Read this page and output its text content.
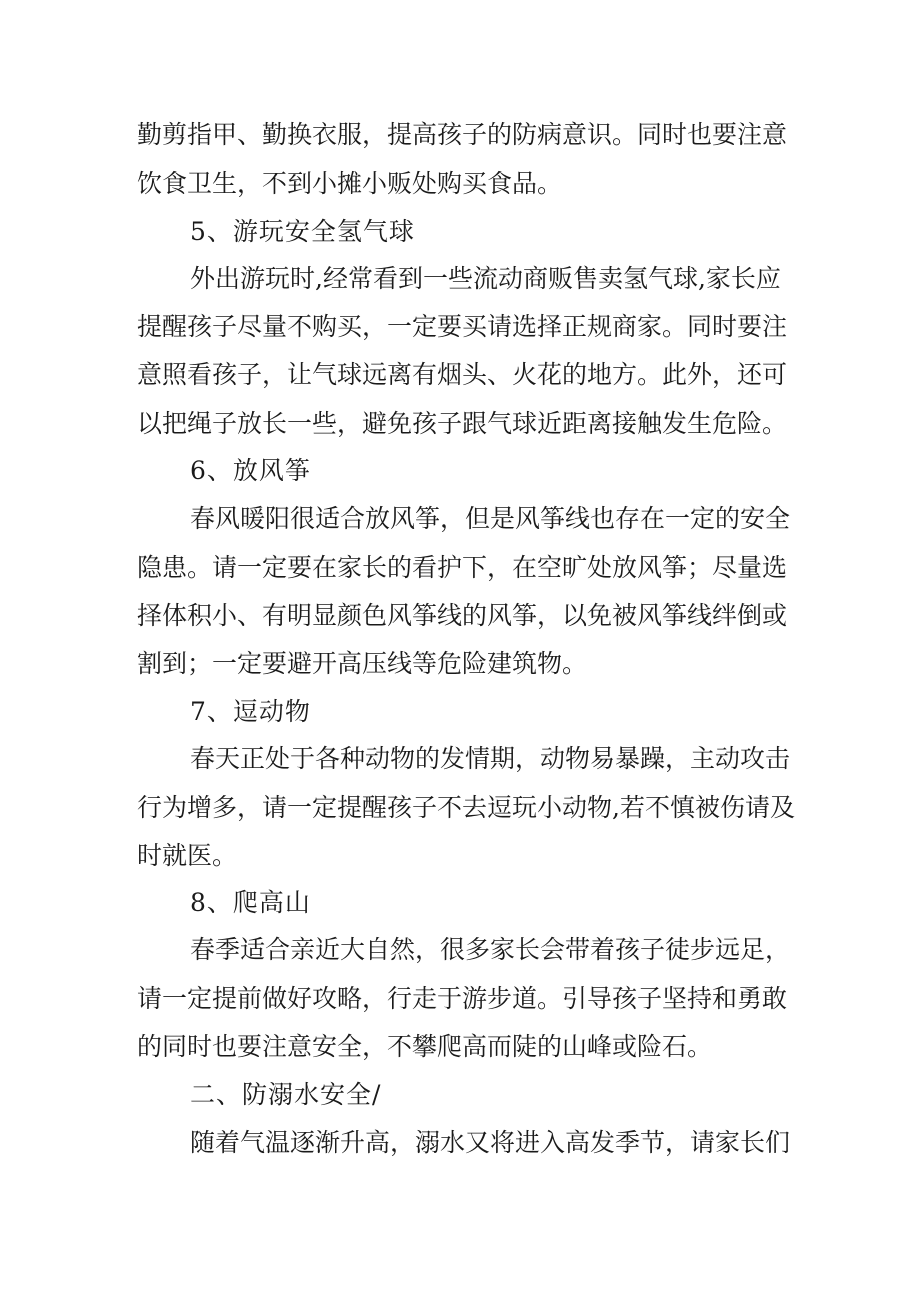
勤剪指甲、勤换衣服，提高孩子的防病意识。同时也要注意
饮食卫生，不到小摊小贩处购买食品。
5、游玩安全氢气球
外出游玩时,经常看到一些流动商贩售卖氢气球,家长应
提醒孩子尽量不购买，一定要买请选择正规商家。同时要注
意照看孩子，让气球远离有烟头、火花的地方。此外，还可
以把绳子放长一些，避免孩子跟气球近距离接触发生危险。
6、放风筝
春风暖阳很适合放风筝，但是风筝线也存在一定的安全
隐患。请一定要在家长的看护下，在空旷处放风筝；尽量选
择体积小、有明显颜色风筝线的风筝，以免被风筝线绊倒或
割到；一定要避开高压线等危险建筑物。
7、逗动物
春天正处于各种动物的发情期，动物易暴躁，主动攻击
行为增多，请一定提醒孩子不去逗玩小动物,若不慎被伤请及
时就医。
8、爬高山
春季适合亲近大自然，很多家长会带着孩子徒步远足，
请一定提前做好攻略，行走于游步道。引导孩子坚持和勇敢
的同时也要注意安全，不攀爬高而陡的山峰或险石。
二、防溺水安全/
随着气温逐渐升高，溺水又将进入高发季节，请家长们
